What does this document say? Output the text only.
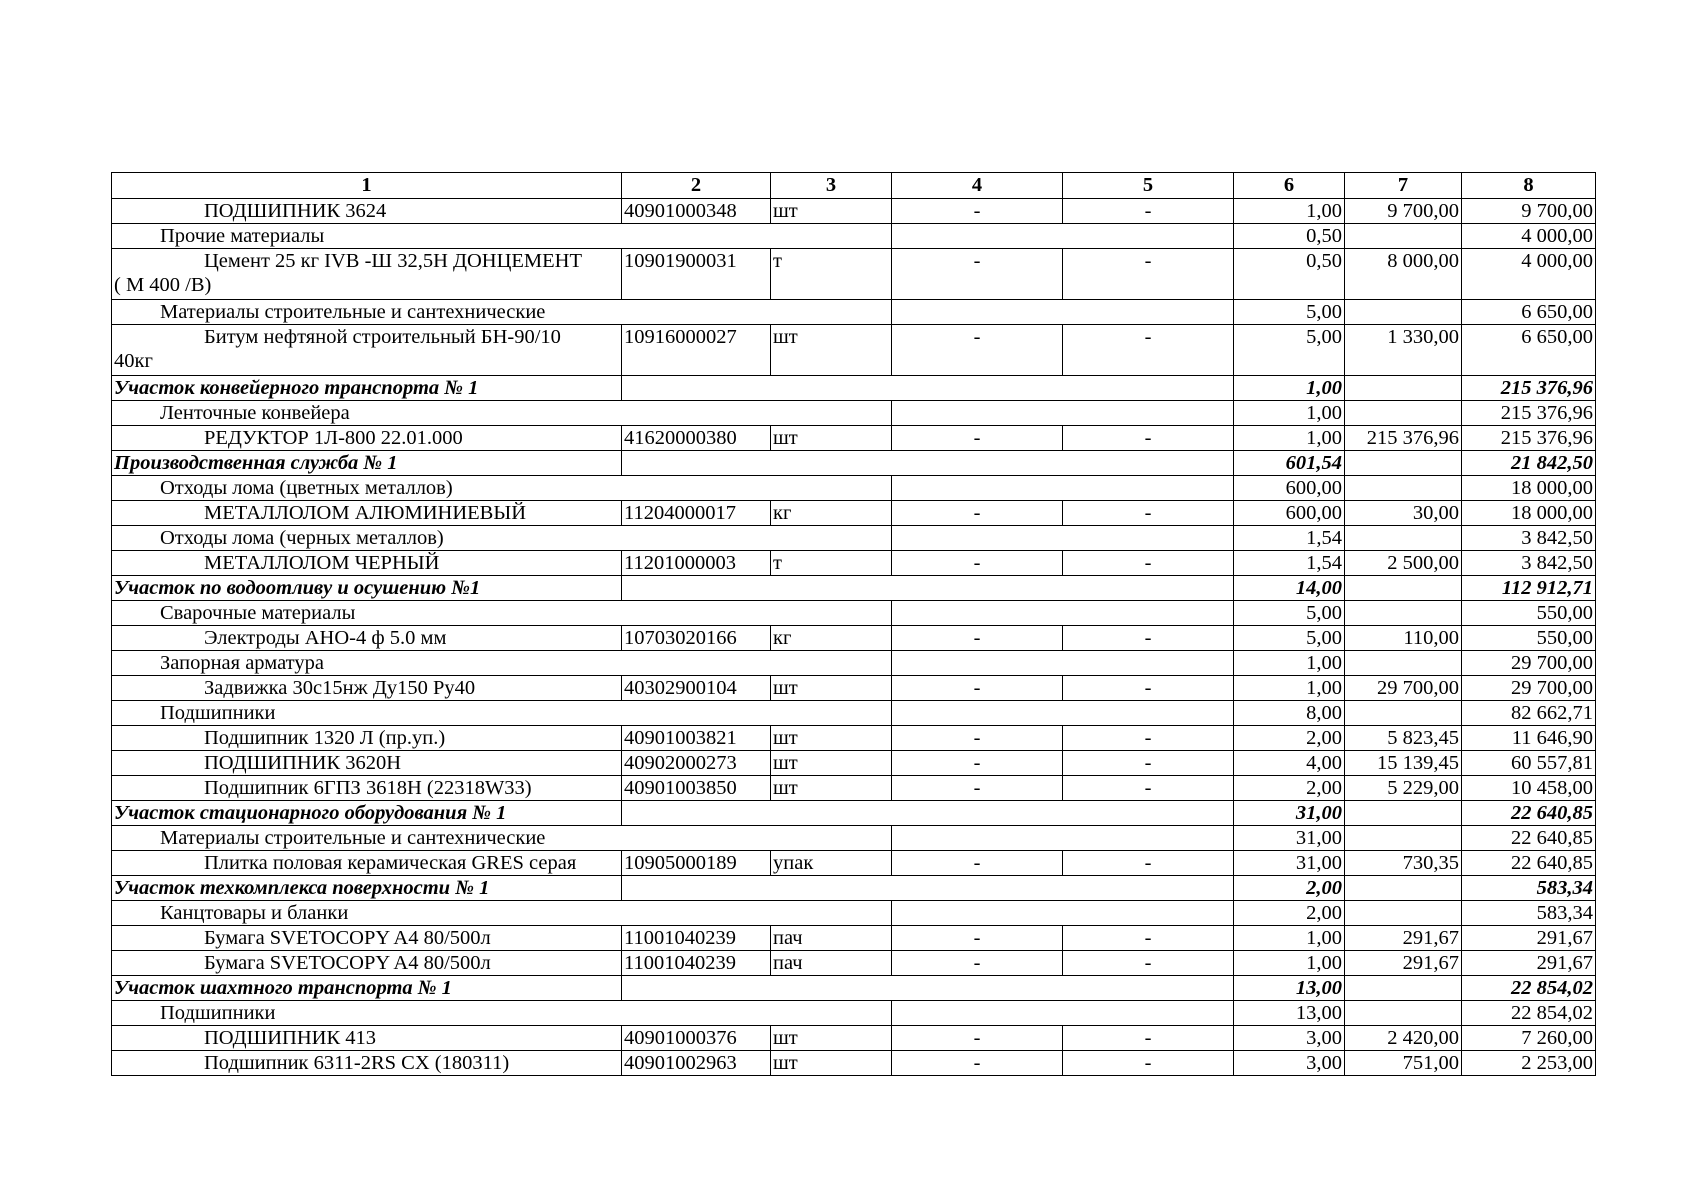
1	2	3	4	5	6	7	8
ПОДШИПНИК 3624	40901000348	шт	-	-	1,00	9 700,00	9 700,00
Прочие материалы					0,50		4 000,00
Цемент 25 кг IVB -Ш 32,5Н ДОНЦЕМЕНТ
( М 400 /В)	10901900031	т	-	-	0,50	8 000,00	4 000,00
Материалы строительные и сантехнические					5,00		6 650,00
Битум нефтяной строительный БН-90/10
40кг	10916000027	шт	-	-	5,00	1 330,00	6 650,00
Участок конвейерного транспорта № 1					1,00		215 376,96
Ленточные конвейера					1,00		215 376,96
РЕДУКТОР 1Л-800 22.01.000	41620000380	шт	-	-	1,00	215 376,96	215 376,96
Производственная служба № 1					601,54		21 842,50
Отходы лома (цветных металлов)					600,00		18 000,00
МЕТАЛЛОЛОМ АЛЮМИНИЕВЫЙ	11204000017	кг	-	-	600,00	30,00	18 000,00
Отходы лома (черных металлов)					1,54		3 842,50
МЕТАЛЛОЛОМ ЧЕРНЫЙ	11201000003	т	-	-	1,54	2 500,00	3 842,50
Участок по водоотливу и осушению №1					14,00		112 912,71
Сварочные материалы					5,00		550,00
Электроды АНО-4 ф 5.0 мм	10703020166	кг	-	-	5,00	110,00	550,00
Запорная арматура					1,00		29 700,00
Задвижка 30с15нж Ду150 Ру40	40302900104	шт	-	-	1,00	29 700,00	29 700,00
Подшипники					8,00		82 662,71
Подшипник 1320 Л (пр.уп.)	40901003821	шт	-	-	2,00	5 823,45	11 646,90
ПОДШИПНИК 3620Н	40902000273	шт	-	-	4,00	15 139,45	60 557,81
Подшипник 6ГПЗ 3618Н (22318W33)	40901003850	шт	-	-	2,00	5 229,00	10 458,00
Участок стационарного оборудования № 1					31,00		22 640,85
Материалы строительные и сантехнические					31,00		22 640,85
Плитка половая керамическая GRES серая	10905000189	упак	-	-	31,00	730,35	22 640,85
Участок техкомплекса поверхности № 1					2,00		583,34
Канцтовары и бланки					2,00		583,34
Бумага SVETOCOPY A4 80/500л	11001040239	пач	-	-	1,00	291,67	291,67
Бумага SVETOCOPY A4 80/500л	11001040239	пач	-	-	1,00	291,67	291,67
Участок шахтного транспорта № 1					13,00		22 854,02
Подшипники					13,00		22 854,02
ПОДШИПНИК 413	40901000376	шт	-	-	3,00	2 420,00	7 260,00
Подшипник 6311-2RS CX (180311)	40901002963	шт	-	-	3,00	751,00	2 253,00
